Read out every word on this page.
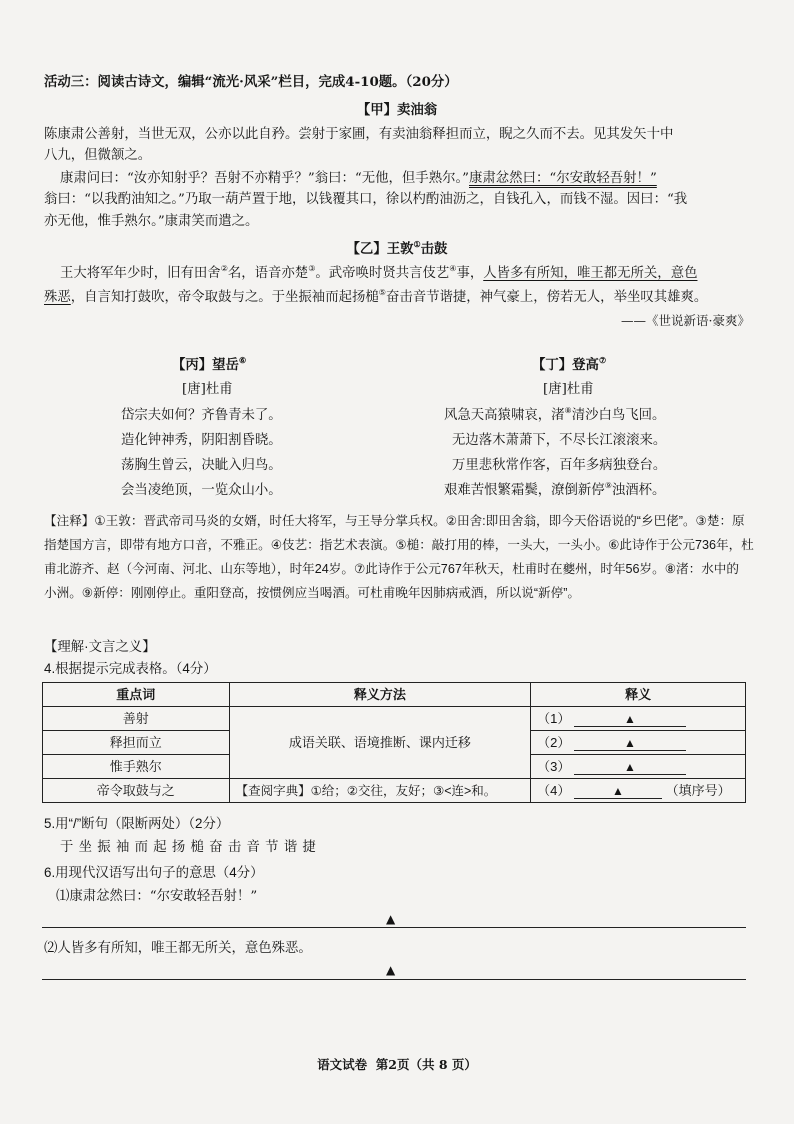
活动三：阅读古诗文，编辑“流光·风采”栏目，完成4-10题。（20分）
【甲】卖油翁
陈康肃公善射，当世无双，公亦以此自矜。尝射于家圃，有卖油翁释担而立，睨之久而不去。见其发矢十中
八九，但微颔之。
康肃问曰：“汝亦知射乎？吾射不亦精乎？”翁曰：“无他，但手熟尔。”康肃忿然曰：“尔安敢轻吾射！”
翁曰：“以我酌油知之。”乃取一葫芦置于地，以钱覆其口，徐以杓酌油沥之，自钱孔入，而钱不湿。因曰：“我
亦无他，惟手熟尔。”康肃笑而遣之。
【乙】王敦①击鼓
王大将军年少时，旧有田舍②名，语音亦楚③。武帝唤时贤共言伎艺④事，人皆多有所知，唯王都无所关，意色
殊恶，自言知打鼓吹，帝令取鼓与之。于坐振袖而起扬槌⑤奋击音节谐捷，神气豪上，傍若无人，举坐叹其雄爽。
——《世说新语·豪爽》
【丙】望岳⑥
[唐]杜甫
岱宗夫如何？齐鲁青未了。
造化钟神秀，阴阳割昏晓。
荡胸生曾云，决眦入归鸟。
会当凌绝顶，一览众山小。
【丁】登高⑦
[唐]杜甫
风急天高猿啸哀，渚⑧清沙白鸟飞回。
无边落木萧萧下，不尽长江滚滚来。
万里悲秋常作客，百年多病独登台。
艰难苦恨繁霜鬓，潦倒新停⑨浊酒杯。
【注释】①王敦：晋武帝司马炎的女婿，时任大将军，与王导分掌兵权。②田舍:即田舍翁，即今天俗语说的“乡巴佬”。③楚：原
指楚国方言，即带有地方口音，不雅正。④伎艺：指艺术表演。⑤槌：敲打用的棒，一头大，一头小。⑥此诗作于公元736年，杜
甫北游齐、赵（今河南、河北、山东等地），时年24岁。⑦此诗作于公元767年秋天，杜甫时在夔州，时年56岁。⑧渚：水中的
小洲。⑨新停：刚刚停止。重阳登高，按惯例应当喝酒。可杜甫晚年因肺病戒酒，所以说“新停”。
【理解·文言之义】
4.根据提示完成表格。（4分）
重点词	释义方法	释义
善射	成语关联、语境推断、课内迁移	（1） ▲
释担而立		（2） ▲
惟手熟尔		（3） ▲
帝令取鼓与之	【查阅字典】①给；②交往，友好；③<连>和。	（4） ▲ （填序号）
5.用“/”断句（限断两处）（2分）
于 坐 振 袖 而 起 扬 槌 奋 击 音 节 谐 捷
6.用现代汉语写出句子的意思（4分）
⑴康肃忿然曰：“尔安敢轻吾射！”
▲
⑵人皆多有所知，唯王都无所关，意色殊恶。
▲
语文试卷  第2页（共 8 页）
